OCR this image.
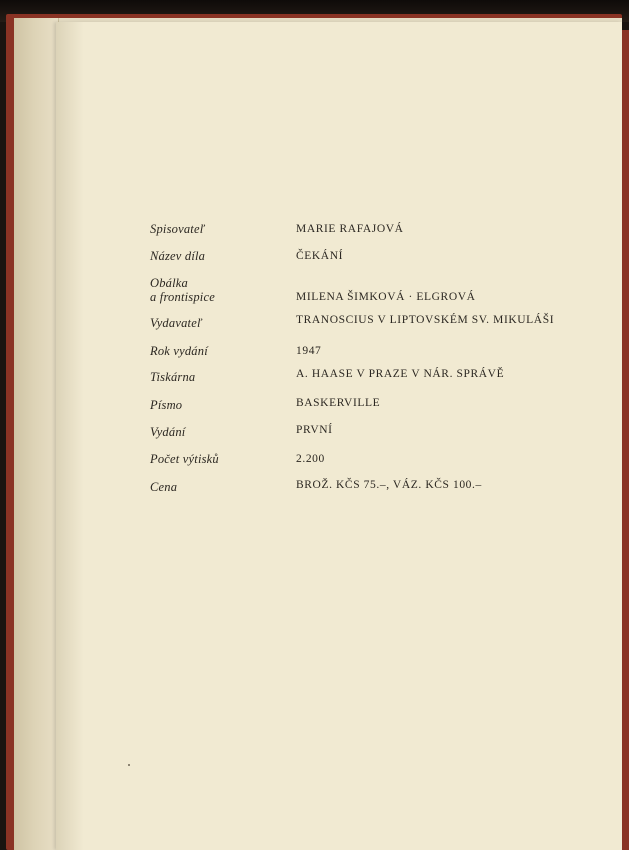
Spisovateľ	MARIE RAFAJOVÁ
Název díla	ČEKÁNÍ
Obálka
a frontispice	MILENA ŠIMKOVÁ · ELGROVÁ
Vydavateľ	TRANOSCIUS V LIPTOVSKÉM SV. MIKULÁŠI
Rok vydání	1947
Tiskárna	A. HAASE V PRAZE V NÁR. SPRÁVĚ
Písmo	BASKERVILLE
Vydání	PRVNÍ
Počet výtisků	2.200
Cena	BROŽ. KČS 75.–, VÁZ. KČS 100.–
